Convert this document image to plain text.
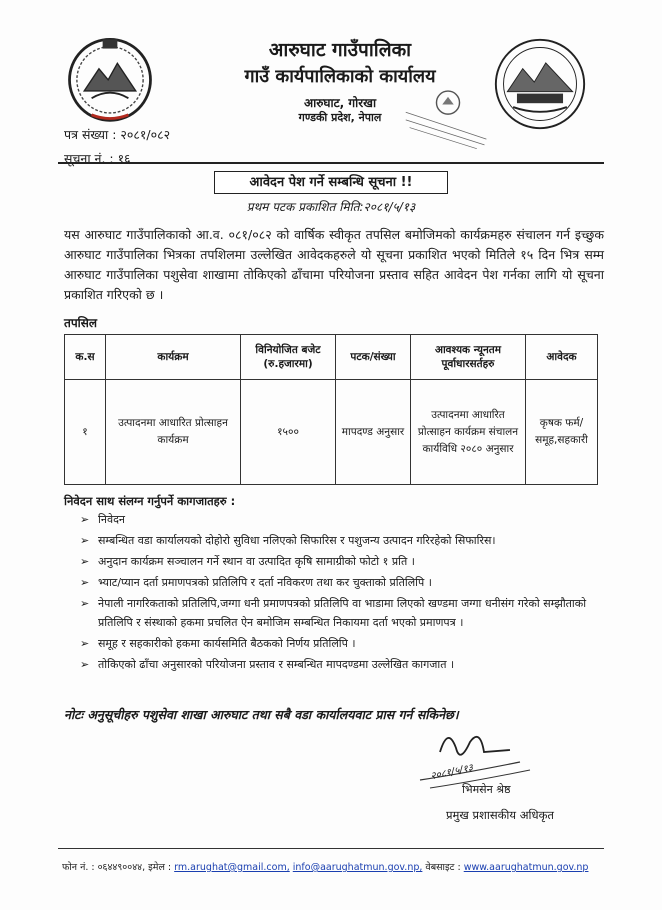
आरुघाट गाउँपालिका
गाउँ कार्यपालिकाको कार्यालय
आरुघाट, गोरखा
गण्डकी प्रदेश, नेपाल
पत्र संख्या : २०८१/०८२
सूचना नं. : १६
आवेदन पेश गर्ने सम्बन्धि सूचना !!
प्रथम पटक प्रकाशित मिति:२०८१/५/१३
यस आरुघाट गाउँपालिकाको आ.व. ०८१/०८२ को वार्षिक स्वीकृत तपसिल बमोजिमको कार्यक्रमहरु संचालन गर्न इच्छुक आरुघाट गाउँपालिका भित्रका तपशिलमा उल्लेखित आवेदकहरुले यो सूचना प्रकाशित भएको मितिले १५ दिन भित्र सम्म आरुघाट गाउँपालिका पशुसेवा शाखामा तोकिएको ढाँचामा परियोजना प्रस्ताव सहित आवेदन पेश गर्नका लागि यो सूचना प्रकाशित गरिएको छ ।
तपसिल
क.स	कार्यक्रम	विनियोजित बजेट (रु.हजारमा)	पटक/संख्या	आवश्यक न्यूनतम पूर्वाधारसर्तहरु	आवेदक
१	उत्पादनमा आधारित प्रोत्साहन कार्यक्रम	१५००	मापदण्ड अनुसार	उत्पादनमा आधारित प्रोत्साहन कार्यक्रम संचालन कार्यविधि २०८० अनुसार	कृषक फर्म/समूह,सहकारी
निवेदन साथ संलग्न गर्नुपर्ने कागजातहरु :
➢ निवेदन
➢ सम्बन्धित वडा कार्यालयको दोहोरो सुविधा नलिएको सिफारिस र पशुजन्य उत्पादन गरिरहेको सिफारिस।
➢ अनुदान कार्यक्रम सञ्चालन गर्ने स्थान वा उत्पादित कृषि सामाग्रीको फोटो १ प्रति ।
➢ भ्याट/प्यान दर्ता प्रमाणपत्रको प्रतिलिपि र दर्ता नविकरण तथा कर चुक्ताको प्रतिलिपि ।
➢ नेपाली नागरिकताको प्रतिलिपि,जग्गा धनी प्रमाणपत्रको प्रतिलिपि वा भाडामा लिएको खण्डमा जग्गा धनीसंग गरेको सम्झौताको प्रतिलिपि र संस्थाको हकमा प्रचलित ऐन बमोजिम सम्बन्धित निकायमा दर्ता भएको प्रमाणपत्र ।
➢ समूह र सहकारीको हकमा कार्यसमिति बैठकको निर्णय प्रतिलिपि ।
➢ तोकिएको ढाँचा अनुसारको परियोजना प्रस्ताव र सम्बन्धित मापदण्डमा उल्लेखित कागजात ।
नोटः अनुसूचीहरु पशुसेवा शाखा आरुघाट तथा सबै वडा कार्यालयवाट प्रास गर्न सकिनेछ।
२०८१/५/१३
भिमसेन श्रेष्ठ
प्रमुख प्रशासकीय अधिकृत
फोन नं. : ०६४४९००४४, इमेल : rm.arughat@gmail.com, info@aarughatmun.gov.np, वेबसाइट : www.aarughatmun.gov.np
